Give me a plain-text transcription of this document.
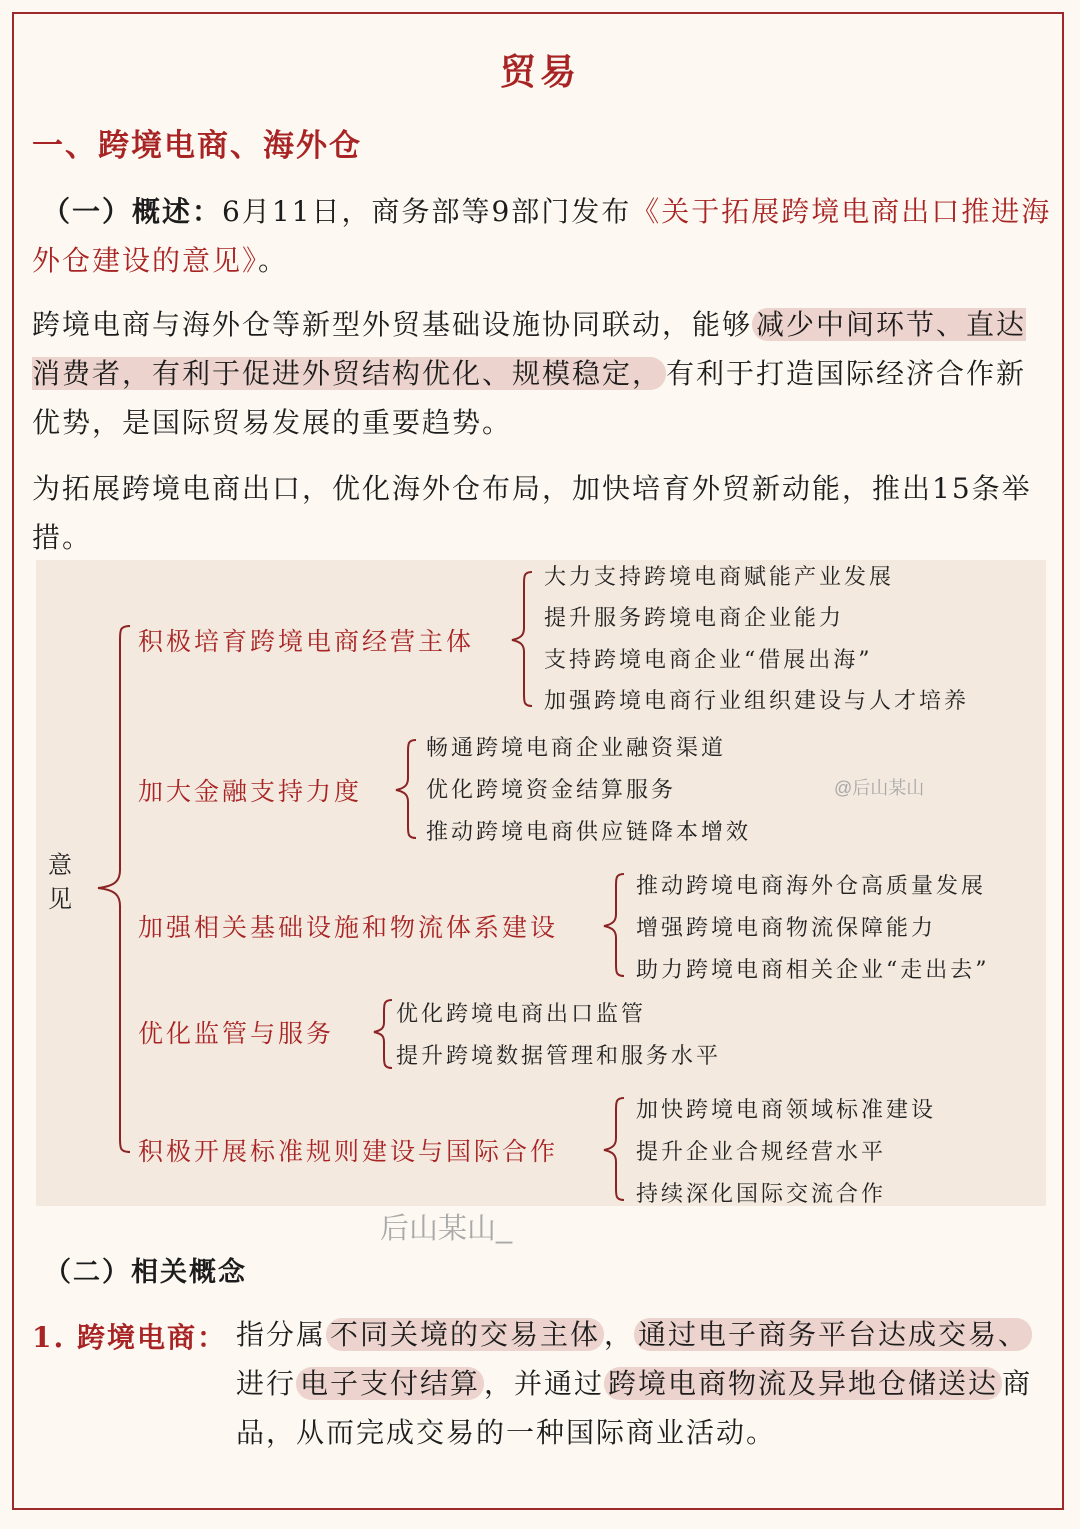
贸易
一、跨境电商、海外仓
（一）概述：6月11日，商务部等9部门发布《关于拓展跨境电商出口推进海外仓建设的意见》。
跨境电商与海外仓等新型外贸基础设施协同联动，能够 减少中间环节、直达消费者，有利于促进外贸结构优化、规模稳定， 有利于打造国际经济合作新优势，是国际贸易发展的重要趋势。
为拓展跨境电商出口，优化海外仓布局，加快培育外贸新动能，推出15条举措。
意见
积极培育跨境电商经营主体
大力支持跨境电商赋能产业发展
提升服务跨境电商企业能力
支持跨境电商企业“借展出海”
加强跨境电商行业组织建设与人才培养
加大金融支持力度
畅通跨境电商企业融资渠道
优化跨境资金结算服务
推动跨境电商供应链降本增效
@后山某山
加强相关基础设施和物流体系建设
推动跨境电商海外仓高质量发展
增强跨境电商物流保障能力
助力跨境电商相关企业“走出去”
优化监管与服务
优化跨境电商出口监管
提升跨境数据管理和服务水平
积极开展标准规则建设与国际合作
加快跨境电商领域标准建设
提升企业合规经营水平
持续深化国际交流合作
后山某山_
（二）相关概念
1. 跨境电商： 指分属 不同关境的交易主体 ， 通过电子商务平台达成交易、进行 电子支付结算 ，并通过 跨境电商物流及异地仓储送达 商品，从而完成交易的一种国际商业活动。
